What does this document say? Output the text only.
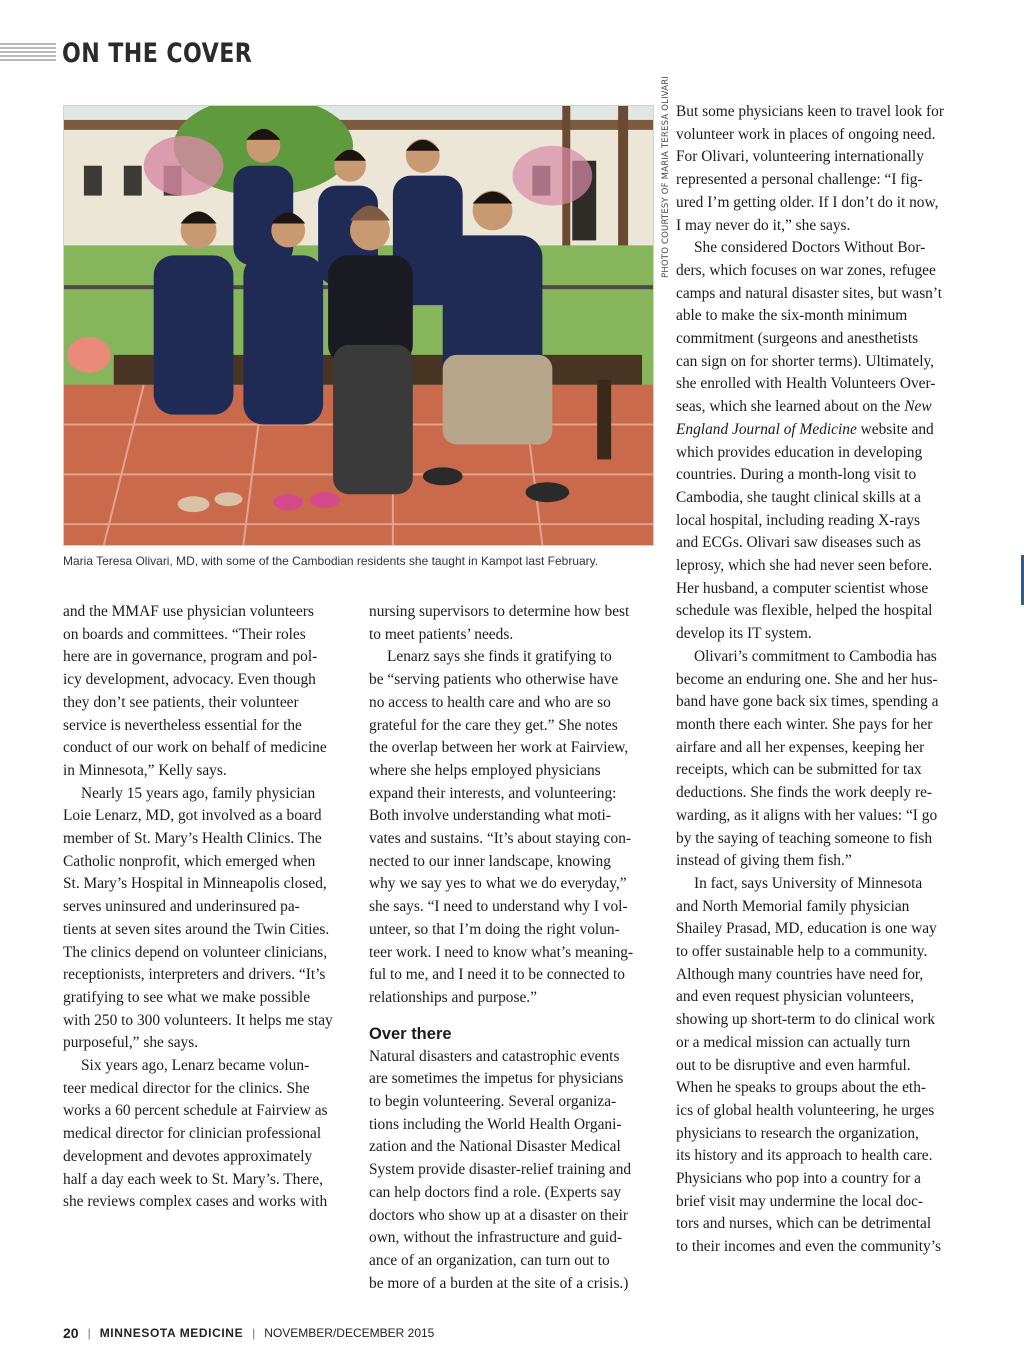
ON THE COVER
PHOTO COURTESY OF MARIA TERESA OLIVARI
Maria Teresa Olivari, MD, with some of the Cambodian residents she taught in Kampot last February.

and the MMAF use physician volunteers

on boards and committees. “Their roles

here are in governance, program and pol-

icy development, advocacy. Even though

they don’t see patients, their volunteer

service is nevertheless essential for the

conduct of our work on behalf of medicine

in Minnesota,” Kelly says.

Nearly 15 years ago, family physician

Loie Lenarz, MD, got involved as a board

member of St. Mary’s Health Clinics. The

Catholic nonprofit, which emerged when

St. Mary’s Hospital in Minneapolis closed,

serves uninsured and underinsured pa-

tients at seven sites around the Twin Cities.

The clinics depend on volunteer clinicians,

receptionists, interpreters and drivers. “It’s

gratifying to see what we make possible

with 250 to 300 volunteers. It helps me stay

purposeful,” she says.

Six years ago, Lenarz became volun-

teer medical director for the clinics. She

works a 60 percent schedule at Fairview as

medical director for clinician professional

development and devotes approximately

half a day each week to St. Mary’s. There,

she reviews complex cases and works with

nursing supervisors to determine how best

to meet patients’ needs.

Lenarz says she finds it gratifying to

be “serving patients who otherwise have

no access to health care and who are so

grateful for the care they get.” She notes

the overlap between her work at Fairview,

where she helps employed physicians

expand their interests, and volunteering:

Both involve understanding what moti-

vates and sustains. “It’s about staying con-

nected to our inner landscape, knowing

why we say yes to what we do everyday,”

she says. “I need to understand why I vol-

unteer, so that I’m doing the right volun-

teer work. I need to know what’s meaning-

ful to me, and I need it to be connected to

relationships and purpose.”

Over there

Natural disasters and catastrophic events

are sometimes the impetus for physicians

to begin volunteering. Several organiza-

tions including the World Health Organi-

zation and the National Disaster Medical

System provide disaster-relief training and

can help doctors find a role. (Experts say

doctors who show up at a disaster on their

own, without the infrastructure and guid-

ance of an organization, can turn out to

be more of a burden at the site of a crisis.)

But some physicians keen to travel look for

volunteer work in places of ongoing need.

For Olivari, volunteering internationally

represented a personal challenge: “I fig-

ured I’m getting older. If I don’t do it now,

I may never do it,” she says.

She considered Doctors Without Bor-

ders, which focuses on war zones, refugee

camps and natural disaster sites, but wasn’t

able to make the six-month minimum

commitment (surgeons and anesthetists

can sign on for shorter terms). Ultimately,

she enrolled with Health Volunteers Over-

seas, which she learned about on the New

England Journal of Medicine website and

which provides education in developing

countries. During a month-long visit to

Cambodia, she taught clinical skills at a

local hospital, including reading X-rays

and ECGs. Olivari saw diseases such as

leprosy, which she had never seen before.

Her husband, a computer scientist whose

schedule was flexible, helped the hospital

develop its IT system.

Olivari’s commitment to Cambodia has

become an enduring one. She and her hus-

band have gone back six times, spending a

month there each winter. She pays for her

airfare and all her expenses, keeping her

receipts, which can be submitted for tax

deductions. She finds the work deeply re-

warding, as it aligns with her values: “I go

by the saying of teaching someone to fish

instead of giving them fish.”

In fact, says University of Minnesota

and North Memorial family physician

Shailey Prasad, MD, education is one way

to offer sustainable help to a community.

Although many countries have need for,

and even request physician volunteers,

showing up short-term to do clinical work

or a medical mission can actually turn

out to be disruptive and even harmful.

When he speaks to groups about the eth-

ics of global health volunteering, he urges

physicians to research the organization,

its history and its approach to health care.

Physicians who pop into a country for a

brief visit may undermine the local doc-

tors and nurses, which can be detrimental

to their incomes and even the community’s

20 | MINNESOTA MEDICINE | NOVEMBER/DECEMBER 2015
